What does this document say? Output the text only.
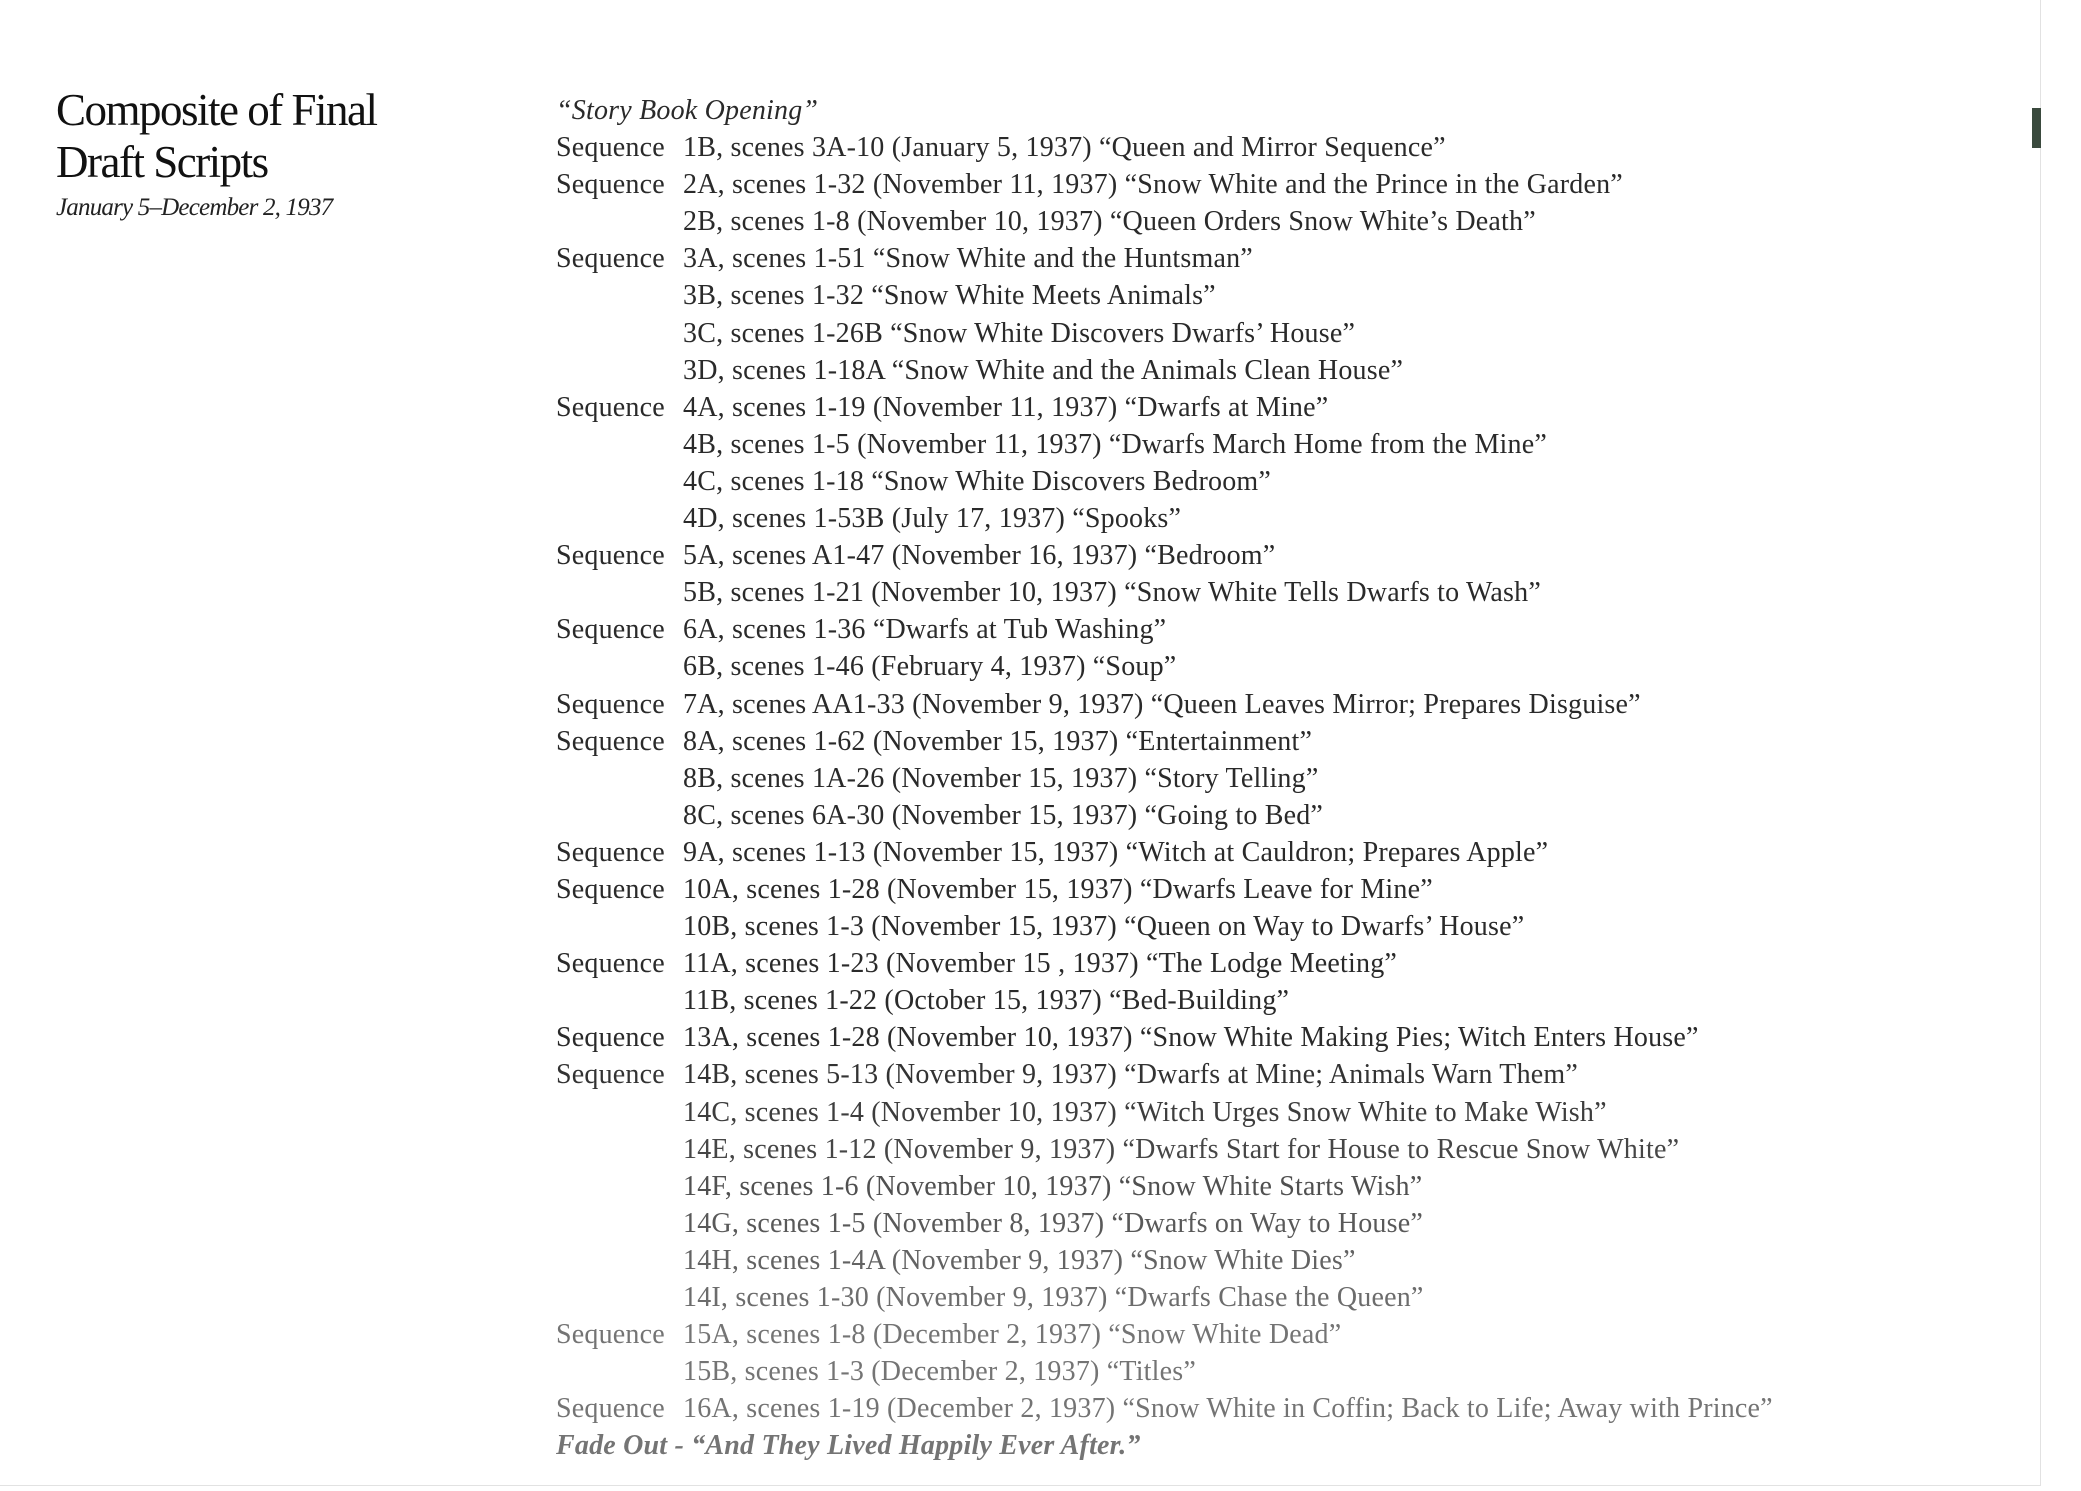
Composite of Final
Draft Scripts
January 5–December 2, 1937
“Story Book Opening”
Sequence 1B, scenes 3A-10 (January 5, 1937) “Queen and Mirror Sequence”
Sequence 2A, scenes 1-32 (November 11, 1937) “Snow White and the Prince in the Garden”
2B, scenes 1-8 (November 10, 1937) “Queen Orders Snow White’s Death”
Sequence 3A, scenes 1-51 “Snow White and the Huntsman”
3B, scenes 1-32 “Snow White Meets Animals”
3C, scenes 1-26B “Snow White Discovers Dwarfs’ House”
3D, scenes 1-18A “Snow White and the Animals Clean House”
Sequence 4A, scenes 1-19 (November 11, 1937) “Dwarfs at Mine”
4B, scenes 1-5 (November 11, 1937) “Dwarfs March Home from the Mine”
4C, scenes 1-18 “Snow White Discovers Bedroom”
4D, scenes 1-53B (July 17, 1937) “Spooks”
Sequence 5A, scenes A1-47 (November 16, 1937) “Bedroom”
5B, scenes 1-21 (November 10, 1937) “Snow White Tells Dwarfs to Wash”
Sequence 6A, scenes 1-36 “Dwarfs at Tub Washing”
6B, scenes 1-46 (February 4, 1937) “Soup”
Sequence 7A, scenes AA1-33 (November 9, 1937) “Queen Leaves Mirror; Prepares Disguise”
Sequence 8A, scenes 1-62 (November 15, 1937) “Entertainment”
8B, scenes 1A-26 (November 15, 1937) “Story Telling”
8C, scenes 6A-30 (November 15, 1937) “Going to Bed”
Sequence 9A, scenes 1-13 (November 15, 1937) “Witch at Cauldron; Prepares Apple”
Sequence 10A, scenes 1-28 (November 15, 1937) “Dwarfs Leave for Mine”
10B, scenes 1-3 (November 15, 1937) “Queen on Way to Dwarfs’ House”
Sequence 11A, scenes 1-23 (November 15 , 1937) “The Lodge Meeting”
11B, scenes 1-22 (October 15, 1937) “Bed-Building”
Sequence 13A, scenes 1-28 (November 10, 1937) “Snow White Making Pies; Witch Enters House”
Sequence 14B, scenes 5-13 (November 9, 1937) “Dwarfs at Mine; Animals Warn Them”
14C, scenes 1-4 (November 10, 1937) “Witch Urges Snow White to Make Wish”
14E, scenes 1-12 (November 9, 1937) “Dwarfs Start for House to Rescue Snow White”
14F, scenes 1-6 (November 10, 1937) “Snow White Starts Wish”
14G, scenes 1-5 (November 8, 1937) “Dwarfs on Way to House”
14H, scenes 1-4A (November 9, 1937) “Snow White Dies”
14I, scenes 1-30 (November 9, 1937) “Dwarfs Chase the Queen”
Sequence 15A, scenes 1-8 (December 2, 1937) “Snow White Dead”
15B, scenes 1-3 (December 2, 1937) “Titles”
Sequence 16A, scenes 1-19 (December 2, 1937) “Snow White in Coffin; Back to Life; Away with Prince”
Fade Out - “And They Lived Happily Ever After.”
